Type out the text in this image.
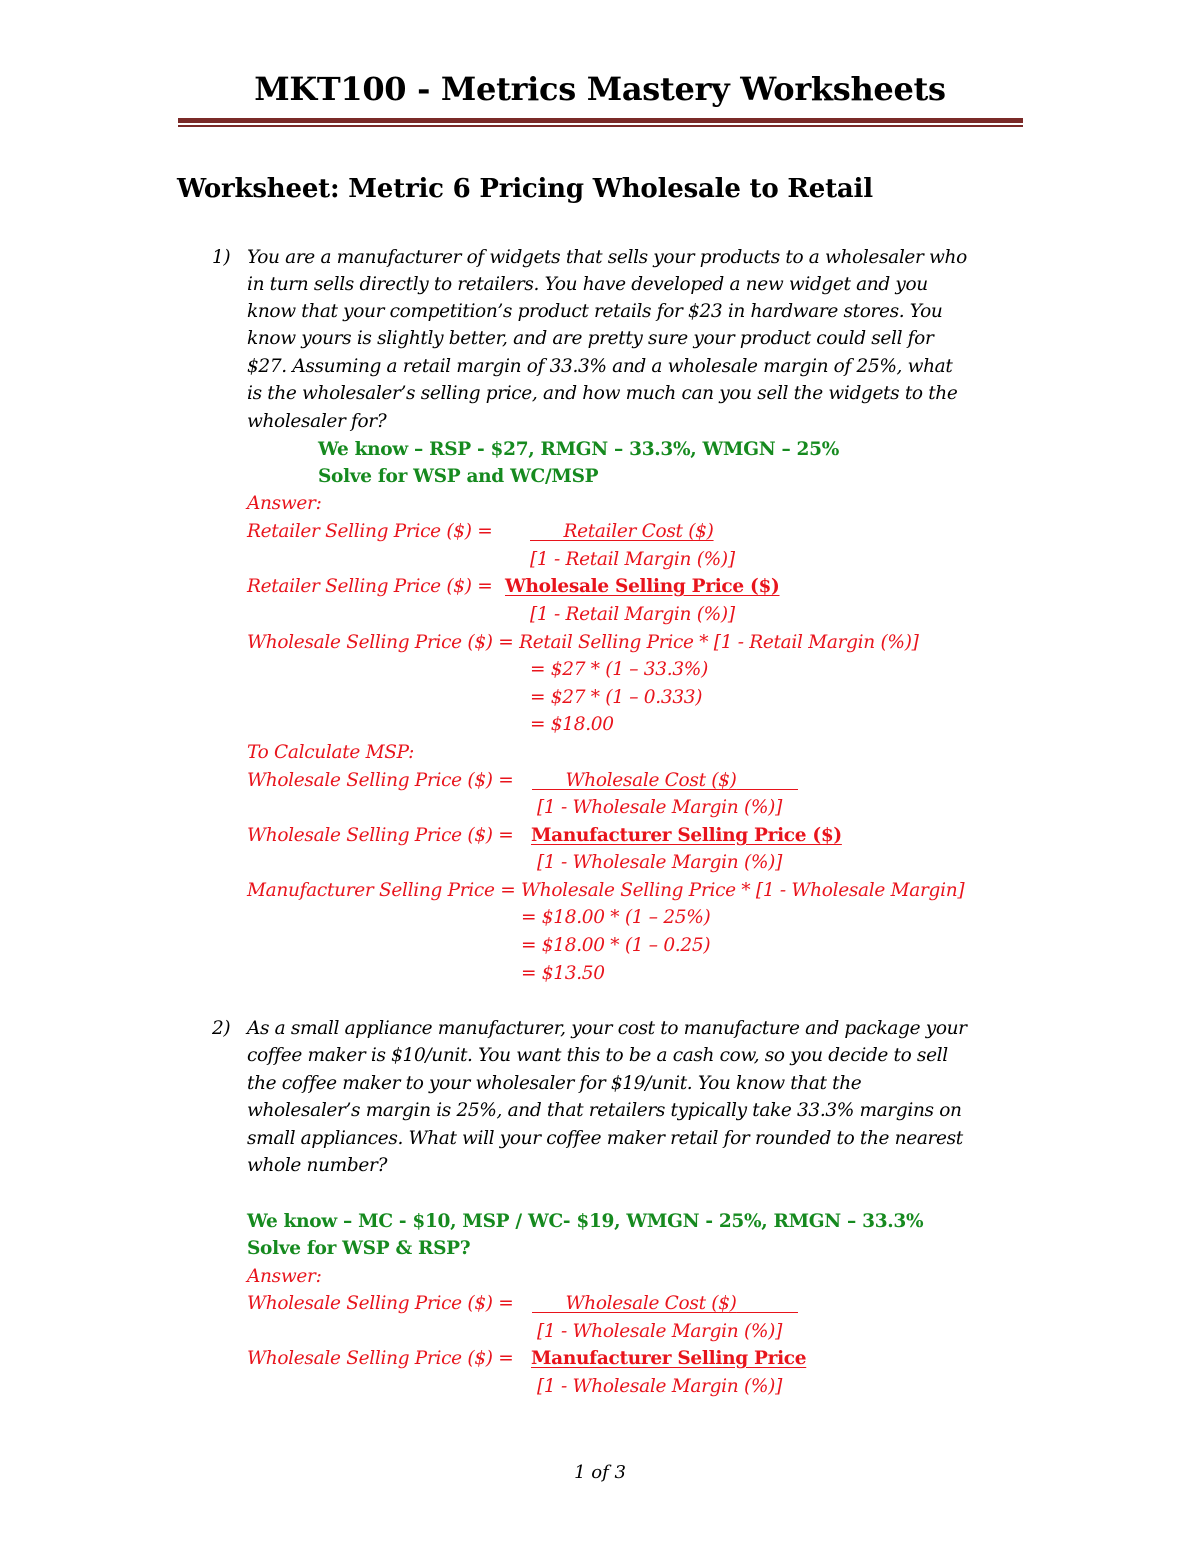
MKT100 - Metrics Mastery Worksheets
Worksheet: Metric 6 Pricing Wholesale to Retail
1) You are a manufacturer of widgets that sells your products to a wholesaler who
in turn sells directly to retailers. You have developed a new widget and you
know that your competition’s product retails for $23 in hardware stores. You
know yours is slightly better, and are pretty sure your product could sell for
$27. Assuming a retail margin of 33.3% and a wholesale margin of 25%, what
is the wholesaler’s selling price, and how much can you sell the widgets to the
wholesaler for?
We know – RSP - $27, RMGN – 33.3%, WMGN – 25%
Solve for WSP and WC/MSP
Answer:
Retailer Selling Price ($) =	Retailer Cost ($)
[1 - Retail Margin (%)]
Retailer Selling Price ($) = Wholesale Selling Price ($)
[1 - Retail Margin (%)]
Wholesale Selling Price ($) = Retail Selling Price * [1 - Retail Margin (%)]
= $27 * (1 – 33.3%)
= $27 * (1 – 0.333)
= $18.00
To Calculate MSP:
Wholesale Selling Price ($) =	Wholesale Cost ($)
[1 - Wholesale Margin (%)]
Wholesale Selling Price ($) = Manufacturer Selling Price ($)
[1 - Wholesale Margin (%)]
Manufacturer Selling Price = Wholesale Selling Price * [1 - Wholesale Margin]
= $18.00 * (1 – 25%)
= $18.00 * (1 – 0.25)
= $13.50
2) As a small appliance manufacturer, your cost to manufacture and package your
coffee maker is $10/unit. You want this to be a cash cow, so you decide to sell
the coffee maker to your wholesaler for $19/unit. You know that the
wholesaler’s margin is 25%, and that retailers typically take 33.3% margins on
small appliances. What will your coffee maker retail for rounded to the nearest
whole number?
We know – MC - $10, MSP / WC- $19, WMGN - 25%, RMGN – 33.3%
Solve for WSP & RSP?
Answer:
Wholesale Selling Price ($) =	Wholesale Cost ($)
[1 - Wholesale Margin (%)]
Wholesale Selling Price ($) = Manufacturer Selling Price
[1 - Wholesale Margin (%)]
1 of 3
